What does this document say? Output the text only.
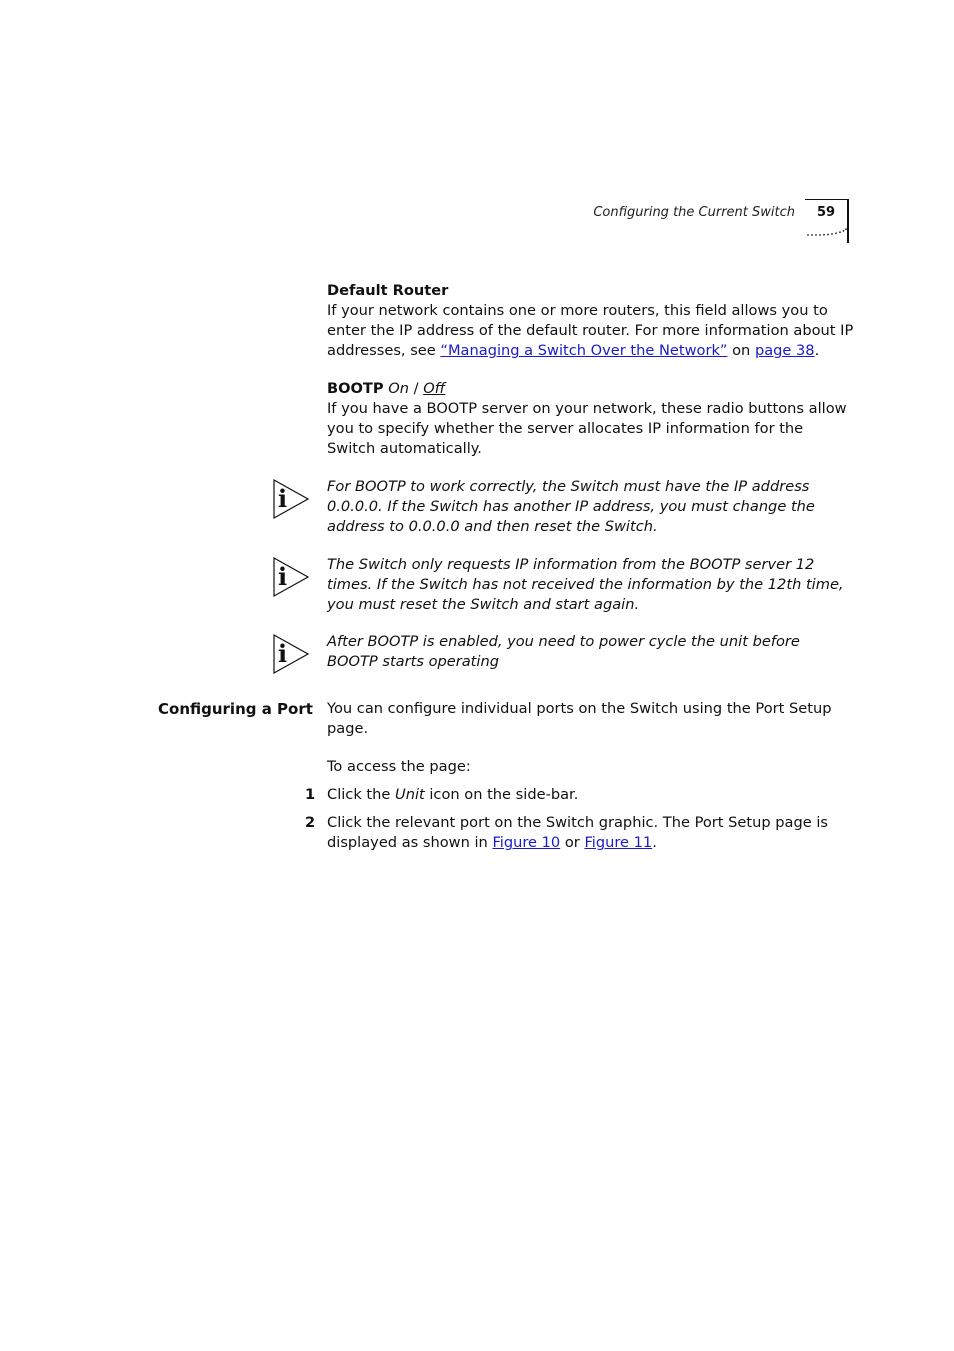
Configuring the Current Switch	59
Default Router
If your network contains one or more routers, this field allows you to enter the IP address of the default router. For more information about IP addresses, see “Managing a Switch Over the Network” on page 38.
BOOTP On / Off
If you have a BOOTP server on your network, these radio buttons allow you to specify whether the server allocates IP information for the Switch automatically.
i	For BOOTP to work correctly, the Switch must have the IP address 0.0.0.0. If the Switch has another IP address, you must change the address to 0.0.0.0 and then reset the Switch.
i	The Switch only requests IP information from the BOOTP server 12 times. If the Switch has not received the information by the 12th time, you must reset the Switch and start again.
i	After BOOTP is enabled, you need to power cycle the unit before BOOTP starts operating
Configuring a Port You can configure individual ports on the Switch using the Port Setup page.
To access the page:
1 Click the Unit icon on the side-bar.
2 Click the relevant port on the Switch graphic. The Port Setup page is displayed as shown in Figure 10 or Figure 11.
